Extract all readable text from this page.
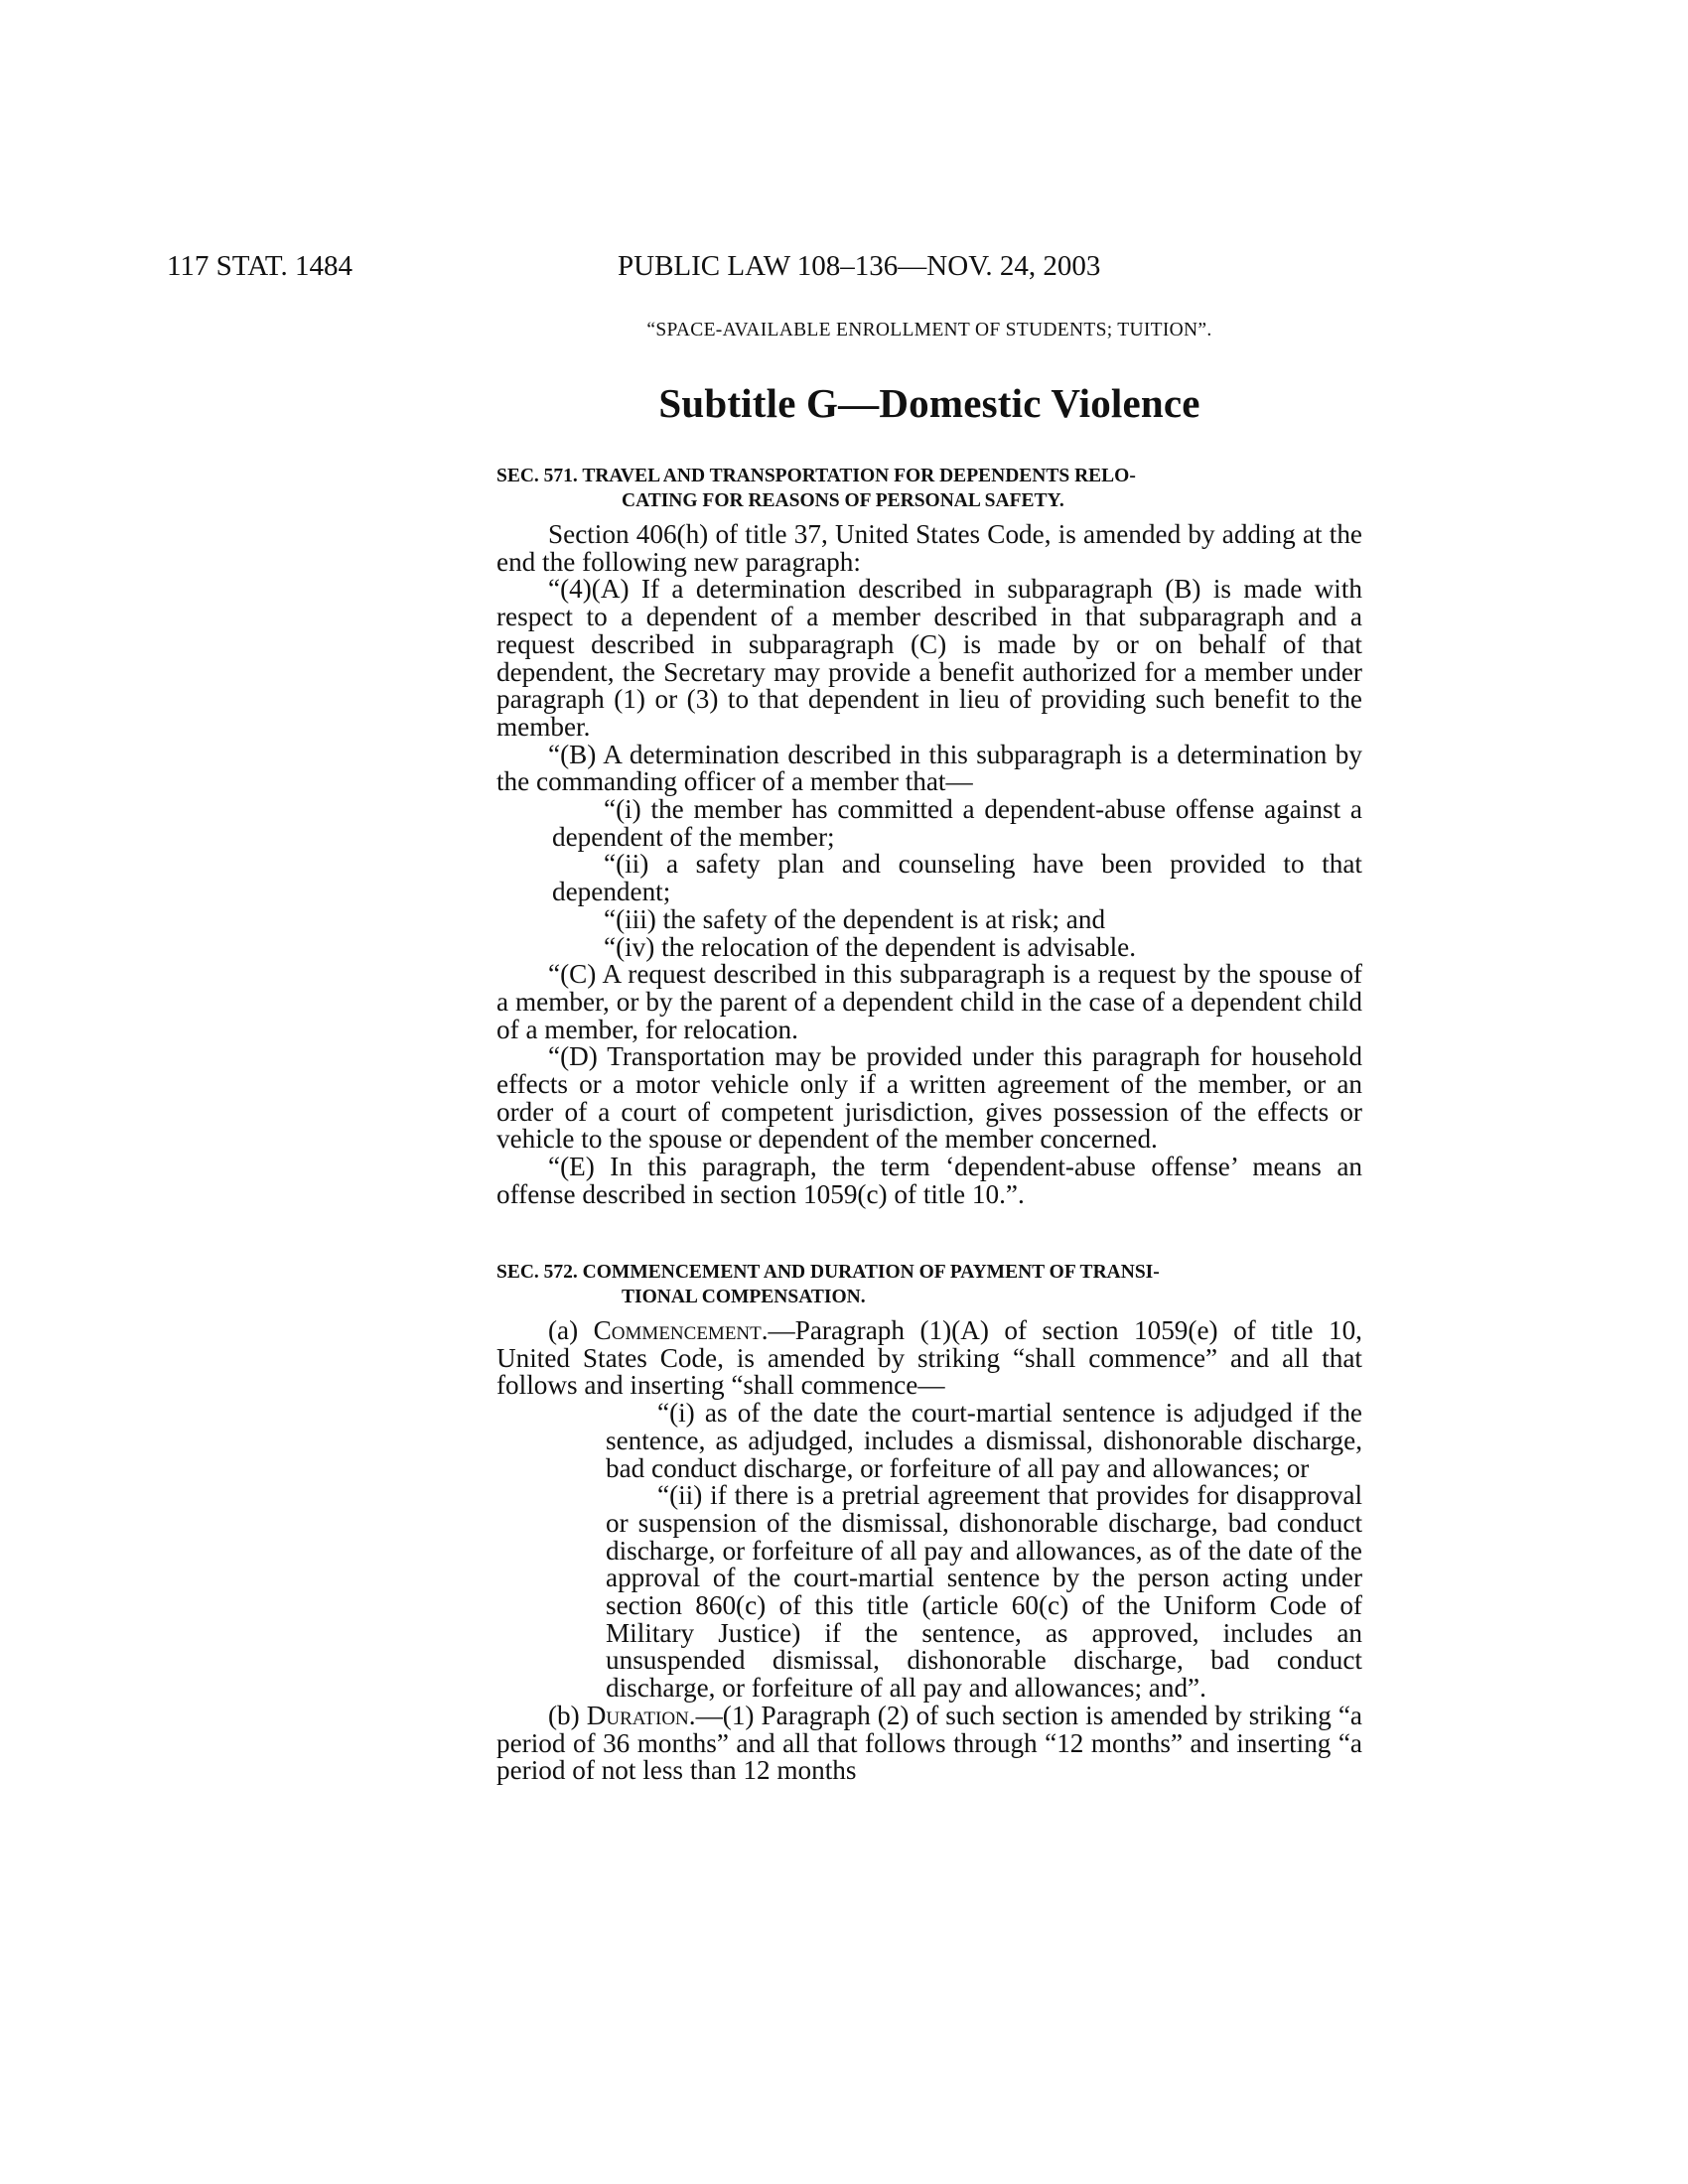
117 STAT. 1484	PUBLIC LAW 108–136—NOV. 24, 2003
“SPACE-AVAILABLE ENROLLMENT OF STUDENTS; TUITION”.
Subtitle G—Domestic Violence
SEC. 571. TRAVEL AND TRANSPORTATION FOR DEPENDENTS RELO-
CATING FOR REASONS OF PERSONAL SAFETY.

Section 406(h) of title 37, United States Code, is amended by adding at the end the following new paragraph:

“(4)(A) If a determination described in subparagraph (B) is made with respect to a dependent of a member described in that subparagraph and a request described in subparagraph (C) is made by or on behalf of that dependent, the Secretary may provide a benefit authorized for a member under paragraph (1) or (3) to that dependent in lieu of providing such benefit to the member.

“(B) A determination described in this subparagraph is a determination by the commanding officer of a member that—

“(i) the member has committed a dependent-abuse offense against a dependent of the member;

“(ii) a safety plan and counseling have been provided to that dependent;

“(iii) the safety of the dependent is at risk; and

“(iv) the relocation of the dependent is advisable.

“(C) A request described in this subparagraph is a request by the spouse of a member, or by the parent of a dependent child in the case of a dependent child of a member, for relocation.

“(D) Transportation may be provided under this paragraph for household effects or a motor vehicle only if a written agreement of the member, or an order of a court of competent jurisdiction, gives possession of the effects or vehicle to the spouse or dependent of the member concerned.

“(E) In this paragraph, the term ‘dependent-abuse offense’ means an offense described in section 1059(c) of title 10.”.

SEC. 572. COMMENCEMENT AND DURATION OF PAYMENT OF TRANSI-
TIONAL COMPENSATION.

(a) Commencement.—Paragraph (1)(A) of section 1059(e) of title 10, United States Code, is amended by striking “shall commence” and all that follows and inserting “shall commence—

“(i) as of the date the court-martial sentence is adjudged if the sentence, as adjudged, includes a dismissal, dishonorable discharge, bad conduct discharge, or forfeiture of all pay and allowances; or

“(ii) if there is a pretrial agreement that provides for disapproval or suspension of the dismissal, dishonorable discharge, bad conduct discharge, or forfeiture of all pay and allowances, as of the date of the approval of the court-martial sentence by the person acting under section 860(c) of this title (article 60(c) of the Uniform Code of Military Justice) if the sentence, as approved, includes an unsuspended dismissal, dishonorable discharge, bad conduct discharge, or forfeiture of all pay and allowances; and”.

(b) Duration.—(1) Paragraph (2) of such section is amended by striking “a period of 36 months” and all that follows through “12 months” and inserting “a period of not less than 12 months
